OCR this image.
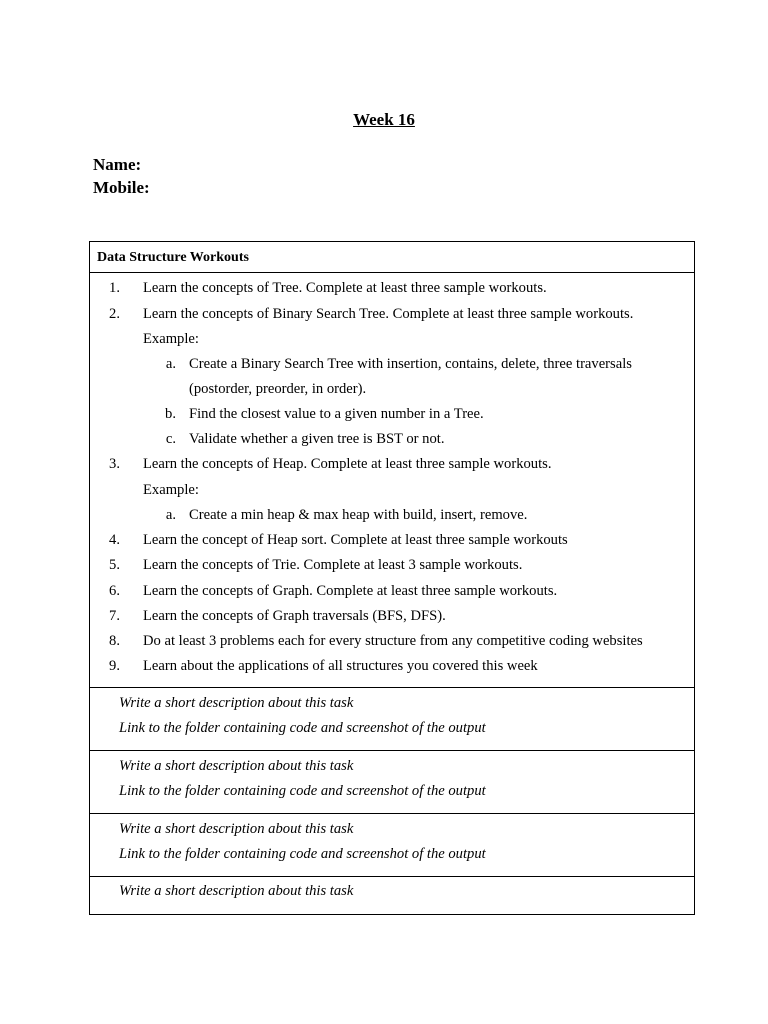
Week 16
Name:
Mobile:
Data Structure Workouts
1. Learn the concepts of Tree. Complete at least three sample workouts.
2. Learn the concepts of Binary Search Tree. Complete at least three sample workouts.
Example:
a. Create a Binary Search Tree with insertion, contains, delete, three traversals
(postorder, preorder, in order).
b. Find the closest value to a given number in a Tree.
c. Validate whether a given tree is BST or not.
3. Learn the concepts of Heap. Complete at least three sample workouts.
Example:
a. Create a min heap & max heap with build, insert, remove.
4. Learn the concept of Heap sort. Complete at least three sample workouts
5. Learn the concepts of Trie. Complete at least 3 sample workouts.
6. Learn the concepts of Graph. Complete at least three sample workouts.
7. Learn the concepts of Graph traversals (BFS, DFS).
8. Do at least 3 problems each for every structure from any competitive coding websites
9. Learn about the applications of all structures you covered this week
Write a short description about this task
Link to the folder containing code and screenshot of the output
Write a short description about this task
Link to the folder containing code and screenshot of the output
Write a short description about this task
Link to the folder containing code and screenshot of the output
Write a short description about this task
